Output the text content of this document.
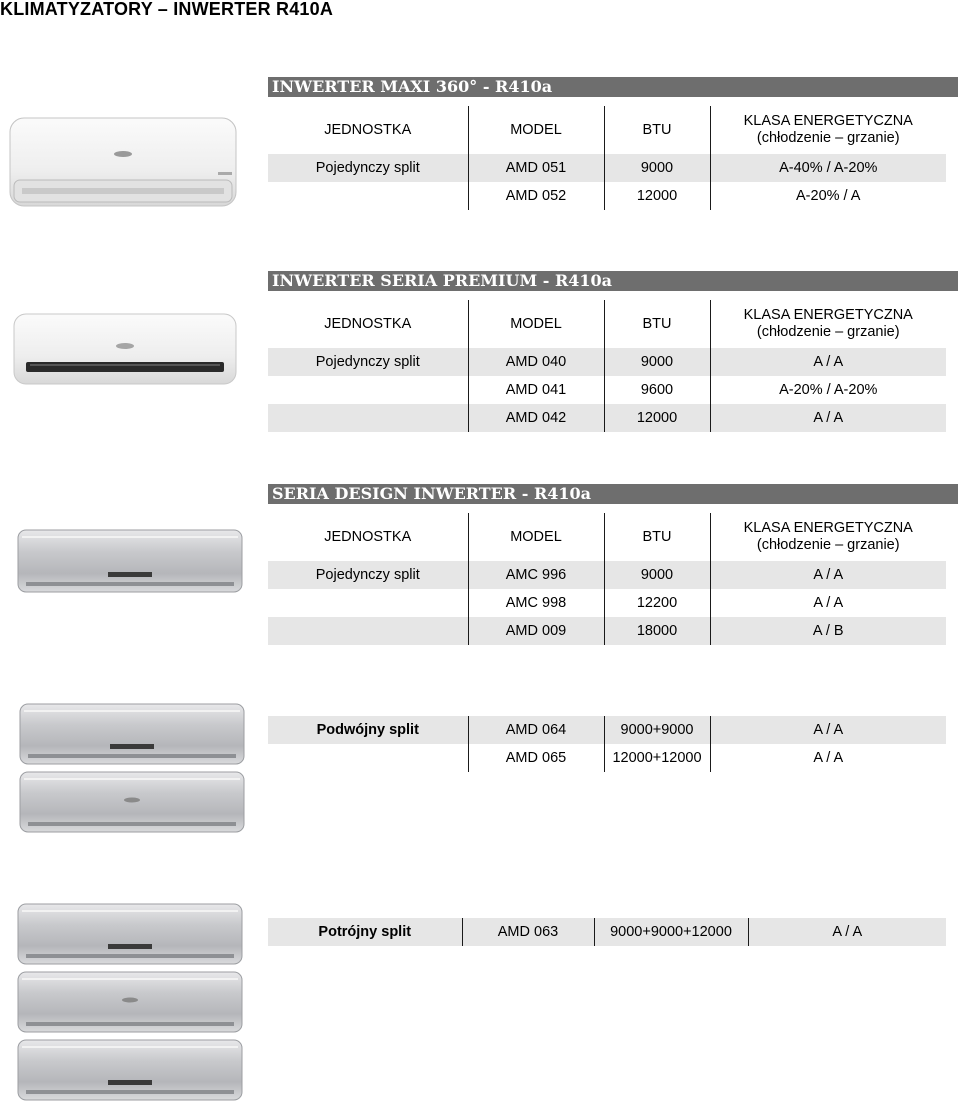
KLIMATYZATORY – INWERTER R410A
INWERTER MAXI 360° - R410a
JEDNOSTKA	MODEL	BTU	KLASA ENERGETYCZNA
(chłodzenie – grzanie)
Pojedynczy split	AMD 051	9000	A-40% / A-20%
	AMD 052	12000	A-20% / A
INWERTER SERIA PREMIUM - R410a
JEDNOSTKA	MODEL	BTU	KLASA ENERGETYCZNA
(chłodzenie – grzanie)
Pojedynczy split	AMD 040	9000	A / A
	AMD 041	9600	A-20% / A-20%
	AMD 042	12000	A / A
SERIA DESIGN INWERTER - R410a
JEDNOSTKA	MODEL	BTU	KLASA ENERGETYCZNA
(chłodzenie – grzanie)
Pojedynczy split	AMC 996	9000	A / A
	AMC 998	12200	A / A
	AMD 009	18000	A / B
Podwójny split	AMD 064	9000+9000	A / A
	AMD 065	12000+12000	A / A
Potrójny split	AMD 063	9000+9000+12000	A / A
